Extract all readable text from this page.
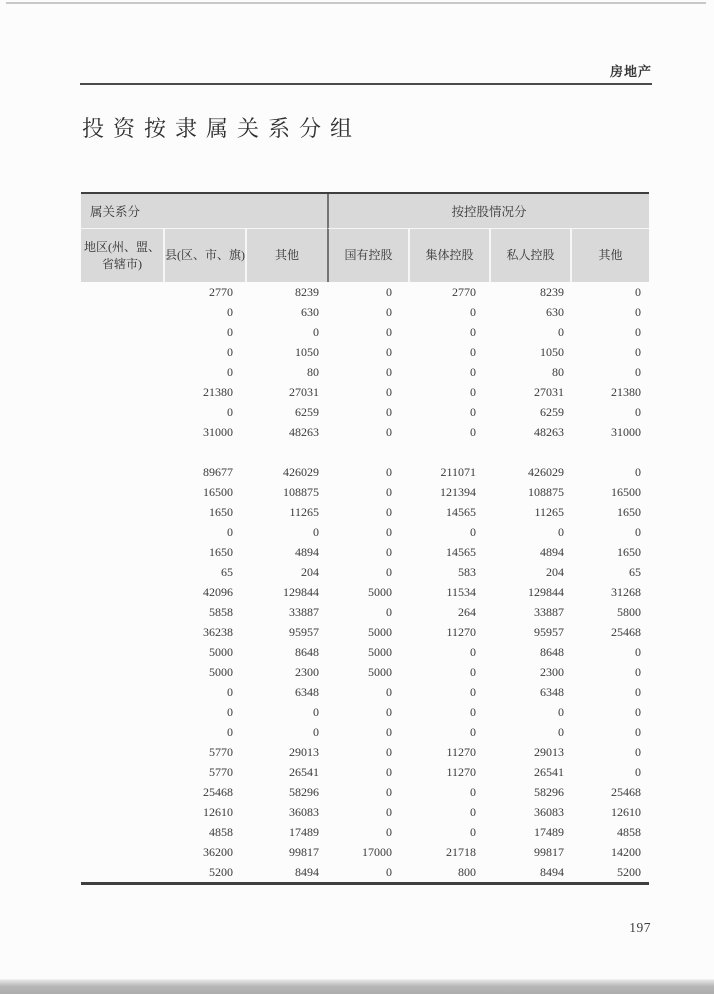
房地产
投资按隶属关系分组
属关系分	按控股情况分
地区(州、盟、
省辖市)
县(区、市、旗)	其他	国有控股	集体控股	私人控股	其他
2770	8239	0	2770	8239	0
0	630	0	0	630	0
0	0	0	0	0	0
0	1050	0	0	1050	0
0	80	0	0	80	0
21380	27031	0	0	27031	21380
0	6259	0	0	6259	0
31000	48263	0	0	48263	31000
89677	426029	0	211071	426029	0
16500	108875	0	121394	108875	16500
1650	11265	0	14565	11265	1650
0	0	0	0	0	0
1650	4894	0	14565	4894	1650
65	204	0	583	204	65
42096	129844	5000	11534	129844	31268
5858	33887	0	264	33887	5800
36238	95957	5000	11270	95957	25468
5000	8648	5000	0	8648	0
5000	2300	5000	0	2300	0
0	6348	0	0	6348	0
0	0	0	0	0	0
0	0	0	0	0	0
5770	29013	0	11270	29013	0
5770	26541	0	11270	26541	0
25468	58296	0	0	58296	25468
12610	36083	0	0	36083	12610
4858	17489	0	0	17489	4858
36200	99817	17000	21718	99817	14200
5200	8494	0	800	8494	5200
197
